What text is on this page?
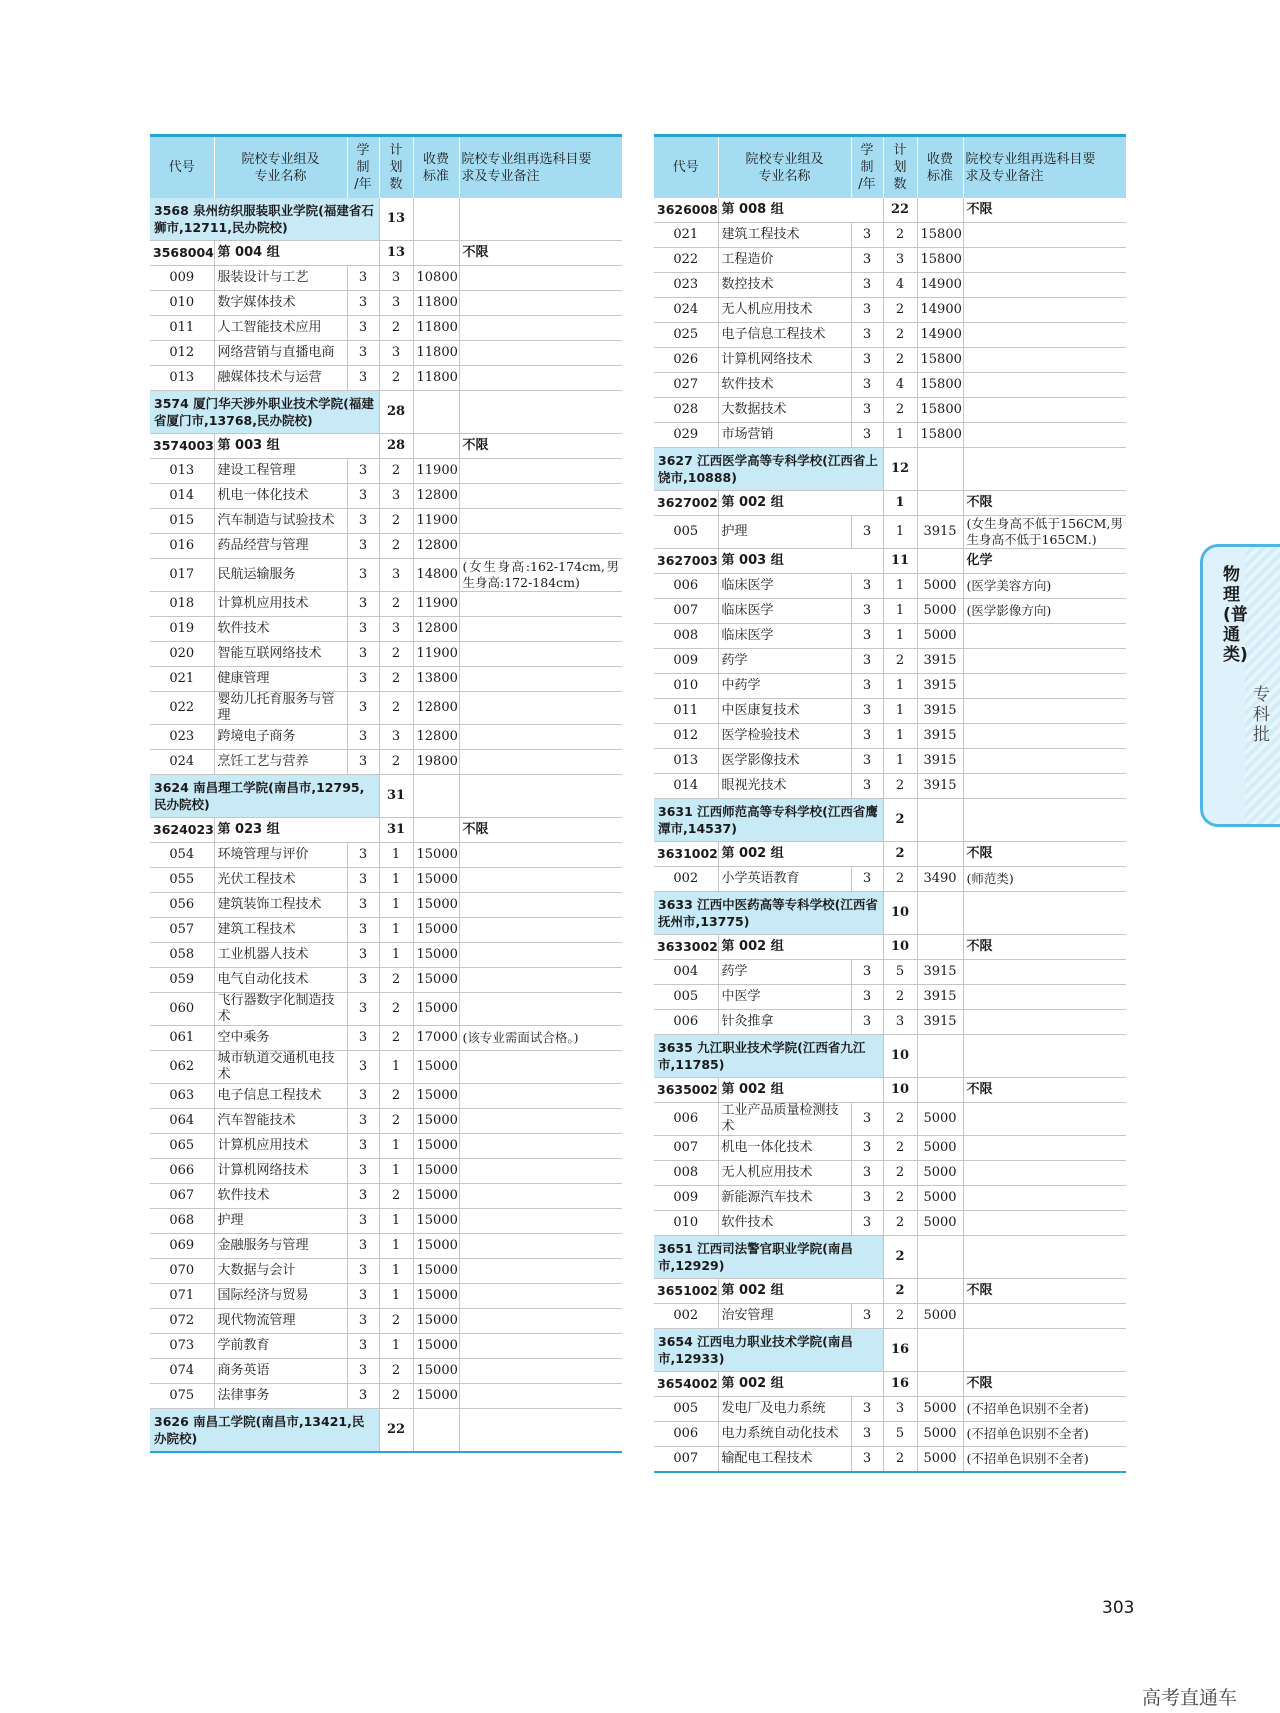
代号	院校专业组及
专业名称	学
制
/年	计
划
数	收费
标准	院校专业组再选科目要
求及专业备注
3568 泉州纺织服装职业学院(福建省石狮市,12711,民办院校)			13		
3568004	第 004 组		13		不限
009	服装设计与工艺	3	3	10800	
010	数字媒体技术	3	3	11800	
011	人工智能技术应用	3	2	11800	
012	网络营销与直播电商	3	3	11800	
013	融媒体技术与运营	3	2	11800	
3574 厦门华天涉外职业技术学院(福建省厦门市,13768,民办院校)			28		
3574003	第 003 组		28		不限
013	建设工程管理	3	2	11900	
014	机电一体化技术	3	3	12800	
015	汽车制造与试验技术	3	2	11900	
016	药品经营与管理	3	2	12800	
017	民航运输服务	3	3	14800	(女生身高:162-174cm,男生身高:172-184cm)
018	计算机应用技术	3	2	11900	
019	软件技术	3	3	12800	
020	智能互联网络技术	3	2	11900	
021	健康管理	3	2	13800	
022	婴幼儿托育服务与管理	3	2	12800	
023	跨境电子商务	3	3	12800	
024	烹饪工艺与营养	3	2	19800	
3624 南昌理工学院(南昌市,12795,民办院校)			31		
3624023	第 023 组		31		不限
054	环境管理与评价	3	1	15000	
055	光伏工程技术	3	1	15000	
056	建筑装饰工程技术	3	1	15000	
057	建筑工程技术	3	1	15000	
058	工业机器人技术	3	1	15000	
059	电气自动化技术	3	2	15000	
060	飞行器数字化制造技术	3	2	15000	
061	空中乘务	3	2	17000	(该专业需面试合格。)
062	城市轨道交通机电技术	3	1	15000	
063	电子信息工程技术	3	2	15000	
064	汽车智能技术	3	2	15000	
065	计算机应用技术	3	1	15000	
066	计算机网络技术	3	1	15000	
067	软件技术	3	2	15000	
068	护理	3	1	15000	
069	金融服务与管理	3	1	15000	
070	大数据与会计	3	1	15000	
071	国际经济与贸易	3	1	15000	
072	现代物流管理	3	2	15000	
073	学前教育	3	1	15000	
074	商务英语	3	2	15000	
075	法律事务	3	2	15000	
3626 南昌工学院(南昌市,13421,民办院校)			22		
代号	院校专业组及
专业名称	学
制
/年	计
划
数	收费
标准	院校专业组再选科目要
求及专业备注
3626008	第 008 组		22		不限
021	建筑工程技术	3	2	15800	
022	工程造价	3	3	15800	
023	数控技术	3	4	14900	
024	无人机应用技术	3	2	14900	
025	电子信息工程技术	3	2	14900	
026	计算机网络技术	3	2	15800	
027	软件技术	3	4	15800	
028	大数据技术	3	2	15800	
029	市场营销	3	1	15800	
3627 江西医学高等专科学校(江西省上饶市,10888)			12		
3627002	第 002 组		1		不限
005	护理	3	1	3915	(女生身高不低于156CM,男生身高不低于165CM.)
3627003	第 003 组		11		化学
006	临床医学	3	1	5000	(医学美容方向)
007	临床医学	3	1	5000	(医学影像方向)
008	临床医学	3	1	5000	
009	药学	3	2	3915	
010	中药学	3	1	3915	
011	中医康复技术	3	1	3915	
012	医学检验技术	3	1	3915	
013	医学影像技术	3	1	3915	
014	眼视光技术	3	2	3915	
3631 江西师范高等专科学校(江西省鹰潭市,14537)			2		
3631002	第 002 组		2		不限
002	小学英语教育	3	2	3490	(师范类)
3633 江西中医药高等专科学校(江西省抚州市,13775)			10		
3633002	第 002 组		10		不限
004	药学	3	5	3915	
005	中医学	3	2	3915	
006	针灸推拿	3	3	3915	
3635 九江职业技术学院(江西省九江市,11785)			10		
3635002	第 002 组		10		不限
006	工业产品质量检测技术	3	2	5000	
007	机电一体化技术	3	2	5000	
008	无人机应用技术	3	2	5000	
009	新能源汽车技术	3	2	5000	
010	软件技术	3	2	5000	
3651 江西司法警官职业学院(南昌市,12929)			2		
3651002	第 002 组		2		不限
002	治安管理	3	2	5000	
3654 江西电力职业技术学院(南昌市,12933)			16		
3654002	第 002 组		16		不限
005	发电厂及电力系统	3	3	5000	(不招单色识别不全者)
006	电力系统自动化技术	3	5	5000	(不招单色识别不全者)
007	输配电工程技术	3	2	5000	(不招单色识别不全者)
物理(普通类)
专科批
303
高考直通车
